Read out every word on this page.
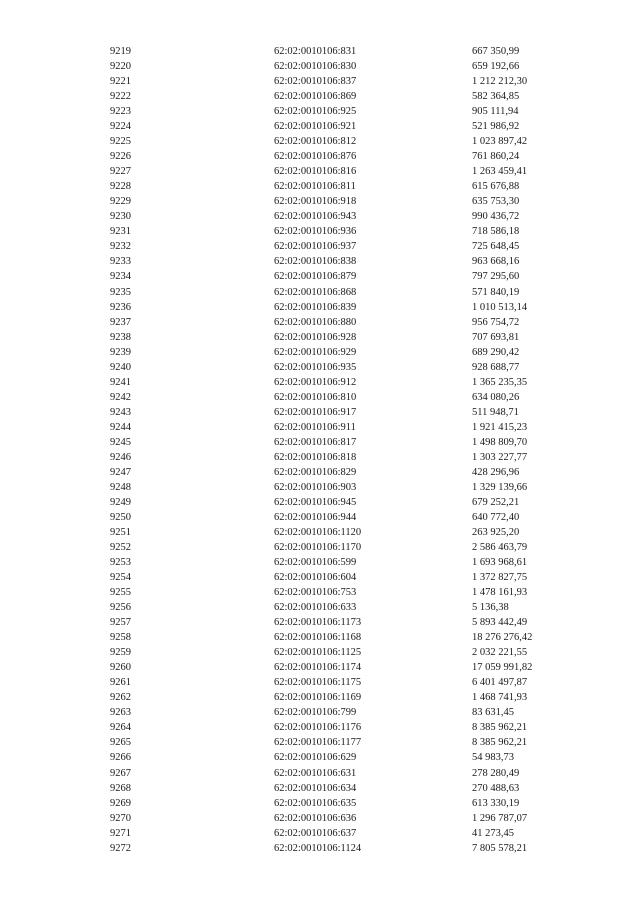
9219	62:02:0010106:831	667 350,99
9220	62:02:0010106:830	659 192,66
9221	62:02:0010106:837	1 212 212,30
9222	62:02:0010106:869	582 364,85
9223	62:02:0010106:925	905 111,94
9224	62:02:0010106:921	521 986,92
9225	62:02:0010106:812	1 023 897,42
9226	62:02:0010106:876	761 860,24
9227	62:02:0010106:816	1 263 459,41
9228	62:02:0010106:811	615 676,88
9229	62:02:0010106:918	635 753,30
9230	62:02:0010106:943	990 436,72
9231	62:02:0010106:936	718 586,18
9232	62:02:0010106:937	725 648,45
9233	62:02:0010106:838	963 668,16
9234	62:02:0010106:879	797 295,60
9235	62:02:0010106:868	571 840,19
9236	62:02:0010106:839	1 010 513,14
9237	62:02:0010106:880	956 754,72
9238	62:02:0010106:928	707 693,81
9239	62:02:0010106:929	689 290,42
9240	62:02:0010106:935	928 688,77
9241	62:02:0010106:912	1 365 235,35
9242	62:02:0010106:810	634 080,26
9243	62:02:0010106:917	511 948,71
9244	62:02:0010106:911	1 921 415,23
9245	62:02:0010106:817	1 498 809,70
9246	62:02:0010106:818	1 303 227,77
9247	62:02:0010106:829	428 296,96
9248	62:02:0010106:903	1 329 139,66
9249	62:02:0010106:945	679 252,21
9250	62:02:0010106:944	640 772,40
9251	62:02:0010106:1120	263 925,20
9252	62:02:0010106:1170	2 586 463,79
9253	62:02:0010106:599	1 693 968,61
9254	62:02:0010106:604	1 372 827,75
9255	62:02:0010106:753	1 478 161,93
9256	62:02:0010106:633	5 136,38
9257	62:02:0010106:1173	5 893 442,49
9258	62:02:0010106:1168	18 276 276,42
9259	62:02:0010106:1125	2 032 221,55
9260	62:02:0010106:1174	17 059 991,82
9261	62:02:0010106:1175	6 401 497,87
9262	62:02:0010106:1169	1 468 741,93
9263	62:02:0010106:799	83 631,45
9264	62:02:0010106:1176	8 385 962,21
9265	62:02:0010106:1177	8 385 962,21
9266	62:02:0010106:629	54 983,73
9267	62:02:0010106:631	278 280,49
9268	62:02:0010106:634	270 488,63
9269	62:02:0010106:635	613 330,19
9270	62:02:0010106:636	1 296 787,07
9271	62:02:0010106:637	41 273,45
9272	62:02:0010106:1124	7 805 578,21
